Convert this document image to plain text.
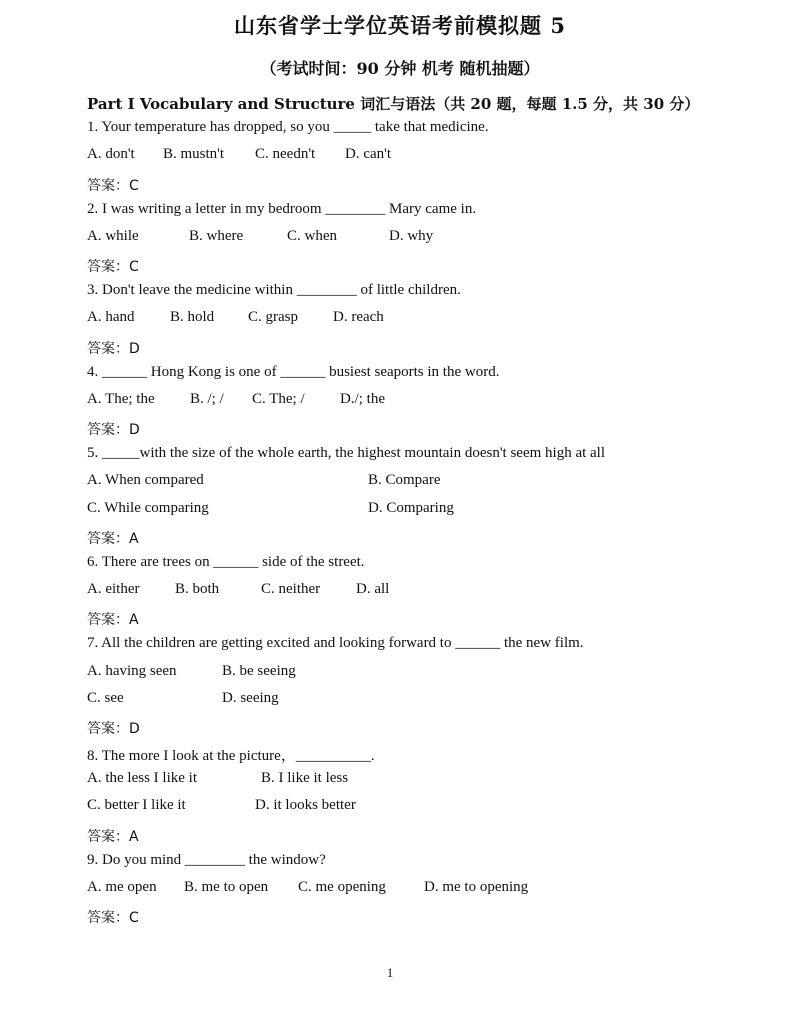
山东省学士学位英语考前模拟题 5
（考试时间：90 分钟 机考 随机抽题）
Part I Vocabulary and Structure 词汇与语法（共 20 题，每题 1.5 分，共 30 分）
1. Your temperature has dropped, so you _____ take that medicine.
A. don't B. mustn't C. needn't D. can't
答案：C
2. I was writing a letter in my bedroom ________ Mary came in.
A. while	B. where	C. when	D. why
答案：C
3. Don't leave the medicine within ________ of little children.
A. hand B. hold C. grasp D. reach
答案：D
4. ______ Hong Kong is one of ______ busiest seaports in the word.
A. The; the B. /; / C. The; / D./; the
答案：D
5. _____with the size of the whole earth, the highest mountain doesn't seem high at all
A. When compared	B. Compare
C. While comparing	D. Comparing
答案：A
6. There are trees on ______ side of the street.
A. either B. both	C. neither D. all
答案：A
7. All the children are getting excited and looking forward to ______ the new film.
A. having seen	B. be seeing
C. see	D. seeing
答案：D
8. The more I look at the picture，__________.
A. the less I like it	B. I like it less
C. better I like it	D. it looks better
答案：A
9. Do you mind ________ the window?
A. me open B. me to open C. me opening	D. me to opening
答案：C
1
